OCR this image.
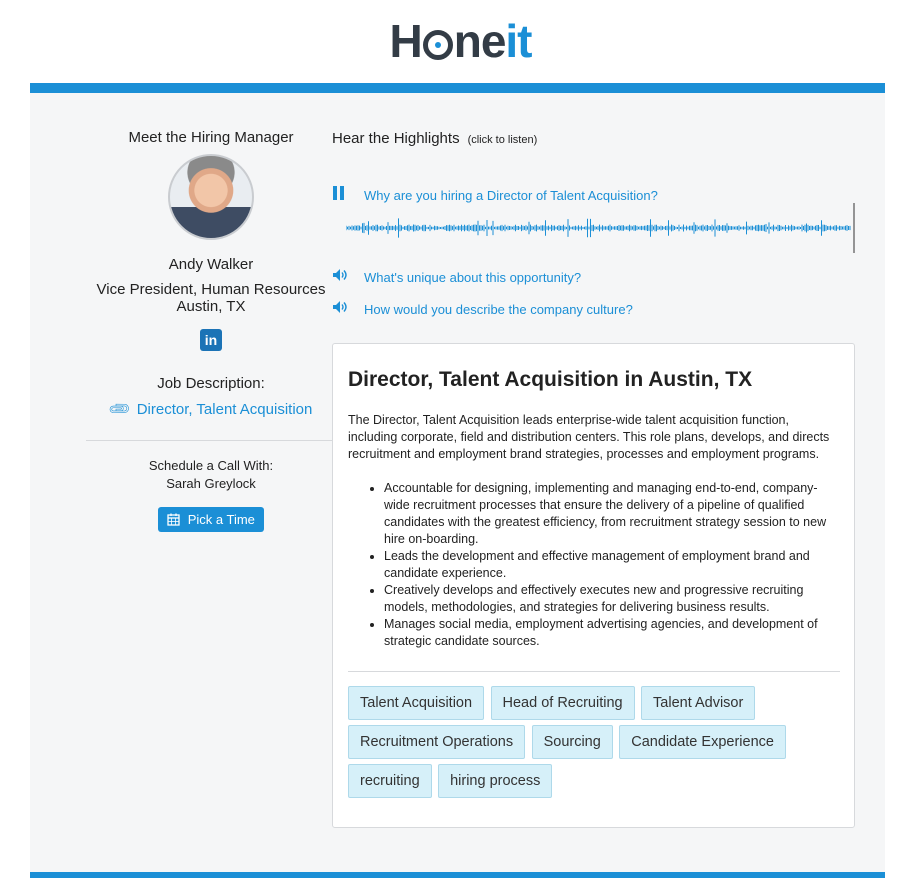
H neit
Meet the Hiring Manager
Andy Walker
Vice President, Human Resources
Austin, TX
in
Job Description:
📎︎ Director, Talent Acquisition
Schedule a Call With:
Sarah Greylock
Pick a Time
Hear the Highlights (click to listen)
Why are you hiring a Director of Talent Acquisition?
What's unique about this opportunity?
How would you describe the company culture?
Director, Talent Acquisition in Austin, TX
The Director, Talent Acquisition leads enterprise-wide talent acquisition function, including corporate, field and distribution centers. This role plans, develops, and directs recruitment and employment brand strategies, processes and employment programs.
• Accountable for designing, implementing and managing end-to-end, company-wide recruitment processes that ensure the delivery of a pipeline of qualified candidates with the greatest efficiency, from recruitment strategy session to new hire on-boarding.
• Leads the development and effective management of employment brand and candidate experience.
• Creatively develops and effectively executes new and progressive recruiting models, methodologies, and strategies for delivering business results.
• Manages social media, employment advertising agencies, and development of strategic candidate sources.
Talent Acquisition Head of Recruiting Talent Advisor Recruitment Operations Sourcing Candidate Experience recruiting hiring process
